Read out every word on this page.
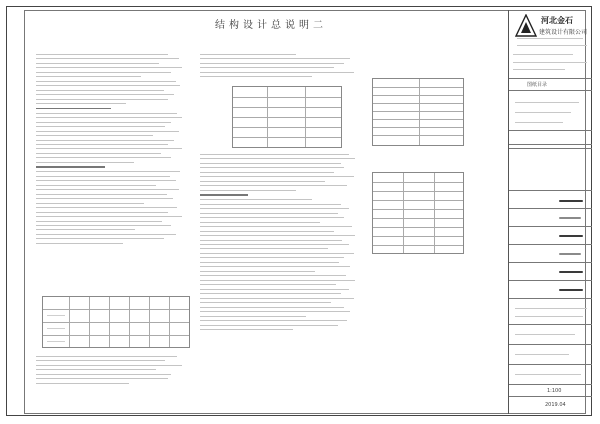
结构设计总说明二	河北金石
建筑设计有限公司
图纸目录
1:100
2019.04
